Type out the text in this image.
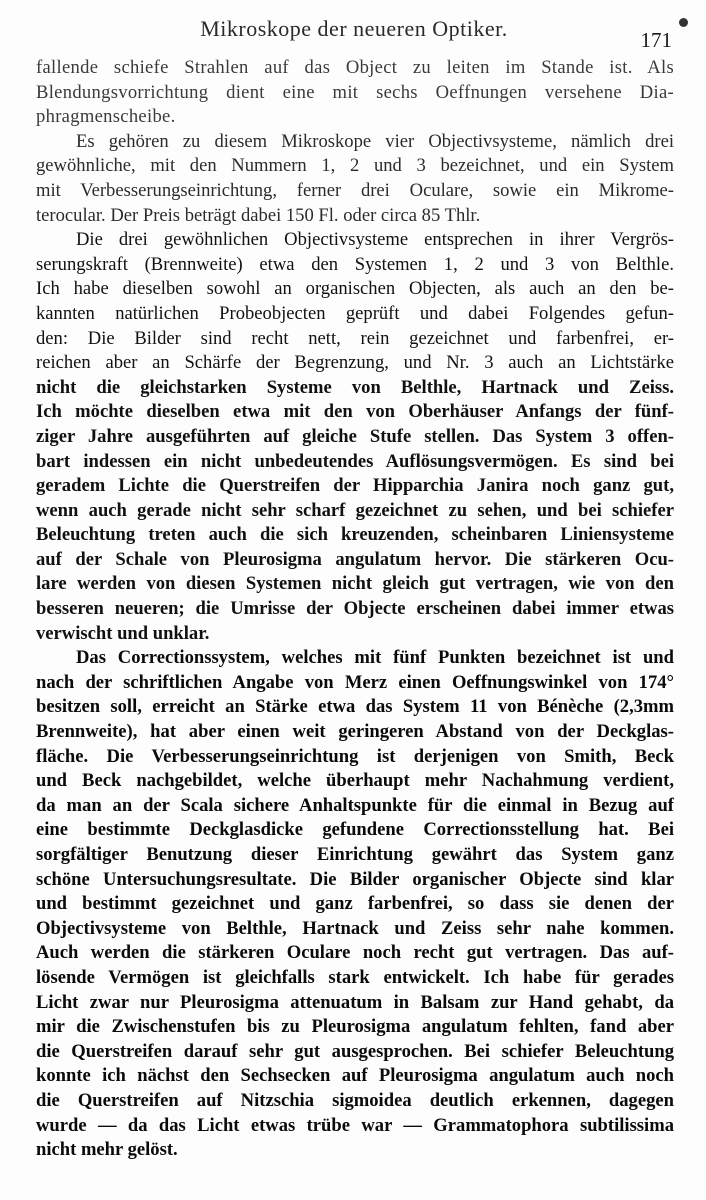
Mikroskope der neueren Optiker.	171
fallende schiefe Strahlen auf das Object zu leiten im Stande ist. Als
Blendungsvorrichtung dient eine mit sechs Oeffnungen versehene Dia-
phragmenscheibe.
Es gehören zu diesem Mikroskope vier Objectivsysteme, nämlich drei
gewöhnliche, mit den Nummern 1, 2 und 3 bezeichnet, und ein System
mit Verbesserungseinrichtung, ferner drei Oculare, sowie ein Mikrome-
terocular. Der Preis beträgt dabei 150 Fl. oder circa 85 Thlr.
Die drei gewöhnlichen Objectivsysteme entsprechen in ihrer Vergrös-
serungskraft (Brennweite) etwa den Systemen 1, 2 und 3 von Belthle.
Ich habe dieselben sowohl an organischen Objecten, als auch an den be-
kannten natürlichen Probeobjecten geprüft und dabei Folgendes gefun-
den: Die Bilder sind recht nett, rein gezeichnet und farbenfrei, er-
reichen aber an Schärfe der Begrenzung, und Nr. 3 auch an Lichtstärke
nicht die gleichstarken Systeme von Belthle, Hartnack und Zeiss.
Ich möchte dieselben etwa mit den von Oberhäuser Anfangs der fünf-
ziger Jahre ausgeführten auf gleiche Stufe stellen. Das System 3 offen-
bart indessen ein nicht unbedeutendes Auflösungsvermögen. Es sind bei
geradem Lichte die Querstreifen der Hipparchia Janira noch ganz gut,
wenn auch gerade nicht sehr scharf gezeichnet zu sehen, und bei schiefer
Beleuchtung treten auch die sich kreuzenden, scheinbaren Liniensysteme
auf der Schale von Pleurosigma angulatum hervor. Die stärkeren Ocu-
lare werden von diesen Systemen nicht gleich gut vertragen, wie von den
besseren neueren; die Umrisse der Objecte erscheinen dabei immer etwas
verwischt und unklar.
Das Correctionssystem, welches mit fünf Punkten bezeichnet ist und
nach der schriftlichen Angabe von Merz einen Oeffnungswinkel von 174°
besitzen soll, erreicht an Stärke etwa das System 11 von Bénèche (2,3mm
Brennweite), hat aber einen weit geringeren Abstand von der Deckglas-
fläche. Die Verbesserungseinrichtung ist derjenigen von Smith, Beck
und Beck nachgebildet, welche überhaupt mehr Nachahmung verdient,
da man an der Scala sichere Anhaltspunkte für die einmal in Bezug auf
eine bestimmte Deckglasdicke gefundene Correctionsstellung hat. Bei
sorgfältiger Benutzung dieser Einrichtung gewährt das System ganz
schöne Untersuchungsresultate. Die Bilder organischer Objecte sind klar
und bestimmt gezeichnet und ganz farbenfrei, so dass sie denen der
Objectivsysteme von Belthle, Hartnack und Zeiss sehr nahe kommen.
Auch werden die stärkeren Oculare noch recht gut vertragen. Das auf-
lösende Vermögen ist gleichfalls stark entwickelt. Ich habe für gerades
Licht zwar nur Pleurosigma attenuatum in Balsam zur Hand gehabt, da
mir die Zwischenstufen bis zu Pleurosigma angulatum fehlten, fand aber
die Querstreifen darauf sehr gut ausgesprochen. Bei schiefer Beleuchtung
konnte ich nächst den Sechsecken auf Pleurosigma angulatum auch noch
die Querstreifen auf Nitzschia sigmoidea deutlich erkennen, dagegen
wurde — da das Licht etwas trübe war — Grammatophora subtilissima
nicht mehr gelöst.
